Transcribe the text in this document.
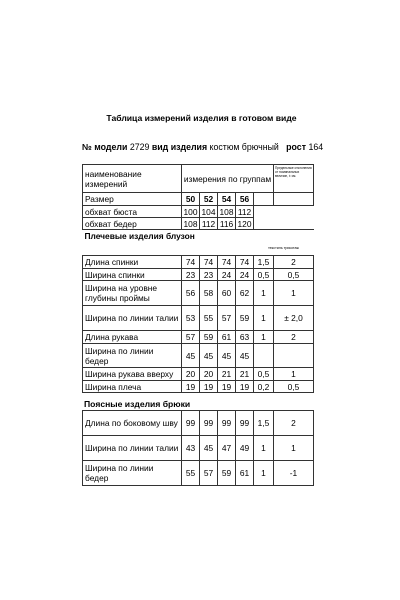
Таблица измерений изделия в готовом виде
№ модели 2729 вид изделия костюм брючный рост 164
наименование измерений	измерения по группам					Предельные отклонения от номинальных величин, ± см.
Размер	50	52	54	56		
обхват бюста	100	104	108	112		
обхват бедер	108	112	116	120		
Плечевые изделия блузон						
					текстиль трикотаж	
Длина спинки	74	74	74	74	1,5	2
Ширина спинки	23	23	24	24	0,5	0,5
Ширина на уровне глубины проймы	56	58	60	62	1	1
Ширина по линии талии	53	55	57	59	1	± 2,0
Длина рукава	57	59	61	63	1	2
Ширина по линии бедер	45	45	45	45		
Ширина рукава вверху	20	20	21	21	0,5	1
Ширина плеча	19	19	19	19	0,2	0,5
Поясные изделия брюки
Длина по боковому шву	99	99	99	99	1,5	2
Ширина по линии талии	43	45	47	49	1	1
Ширина по линии бедер	55	57	59	61	1	-1
